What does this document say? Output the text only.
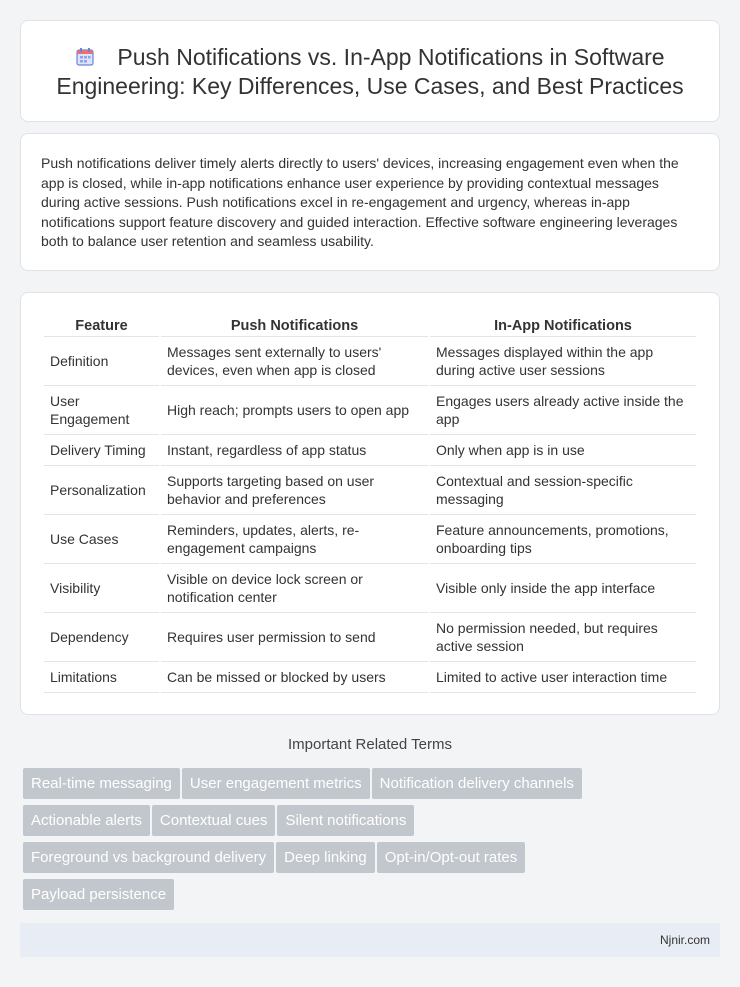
Push Notifications vs. In-App Notifications in Software Engineering: Key Differences, Use Cases, and Best Practices

Push notifications deliver timely alerts directly to users' devices, increasing engagement even when the app is closed, while in-app notifications enhance user experience by providing contextual messages during active sessions. Push notifications excel in re-engagement and urgency, whereas in-app notifications support feature discovery and guided interaction. Effective software engineering leverages both to balance user retention and seamless usability.

Feature	Push Notifications	In-App Notifications
Definition	Messages sent externally to users' devices, even when app is closed	Messages displayed within the app during active user sessions
User Engagement	High reach; prompts users to open app	Engages users already active inside the app
Delivery Timing	Instant, regardless of app status	Only when app is in use
Personalization	Supports targeting based on user behavior and preferences	Contextual and session-specific messaging
Use Cases	Reminders, updates, alerts, re-engagement campaigns	Feature announcements, promotions, onboarding tips
Visibility	Visible on device lock screen or notification center	Visible only inside the app interface
Dependency	Requires user permission to send	No permission needed, but requires active session
Limitations	Can be missed or blocked by users	Limited to active user interaction time
Important Related Terms
Real-time messaging User engagement metrics Notification delivery channels
Actionable alerts Contextual cues Silent notifications
Foreground vs background delivery Deep linking Opt-in/Opt-out rates
Payload persistence
Njnir.com
